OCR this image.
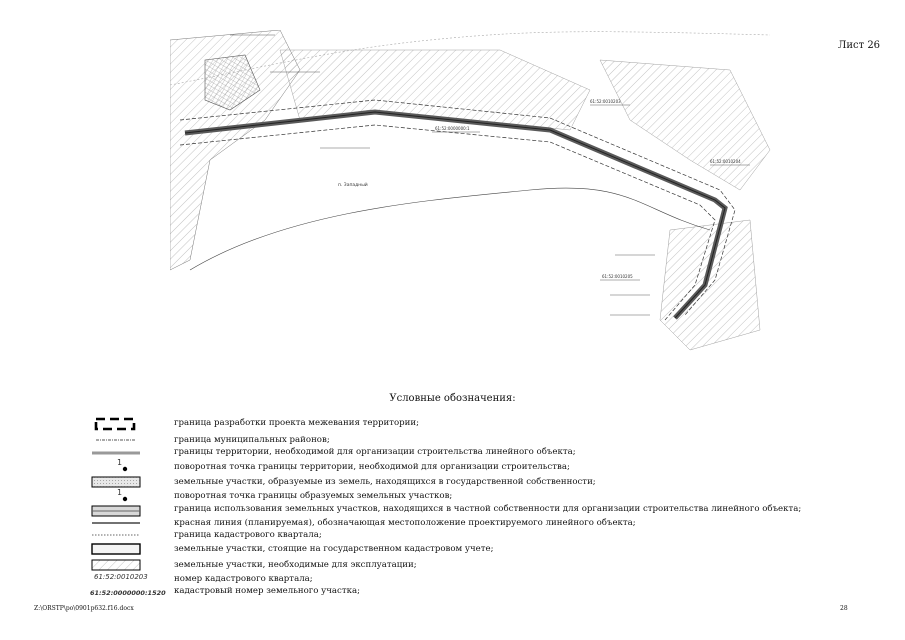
Лист 26
п. Западный
61:52:0000000:1
61:52:0010203
61:52:0010204
61:52:0010205
Условные обозначения:
граница разработки проекта межевания территории;
граница муниципальных районов;
границы территории, необходимой для организации строительства линейного объекта;
1	поворотная точка границы территории, необходимой для организации строительства;
земельные участки, образуемые из земель, находящихся в государственной собственности;
1	поворотная точка границы образуемых земельных участков;
граница использования земельных участков, находящихся в частной собственности для организации строительства линейного объекта;
красная линия (планируемая), обозначающая местоположение проектируемого линейного объекта;
граница кадастрового квартала;
земельные участки, стоящие на государственном кадастровом учете;
земельные участки, необходимые для эксплуатации;
61:52:0010203	номер кадастрового квартала;
61:52:0000000:1520 кадастровый номер земельного участка;
Z:\ORSTP\po\0901p632.f16.docx	28
